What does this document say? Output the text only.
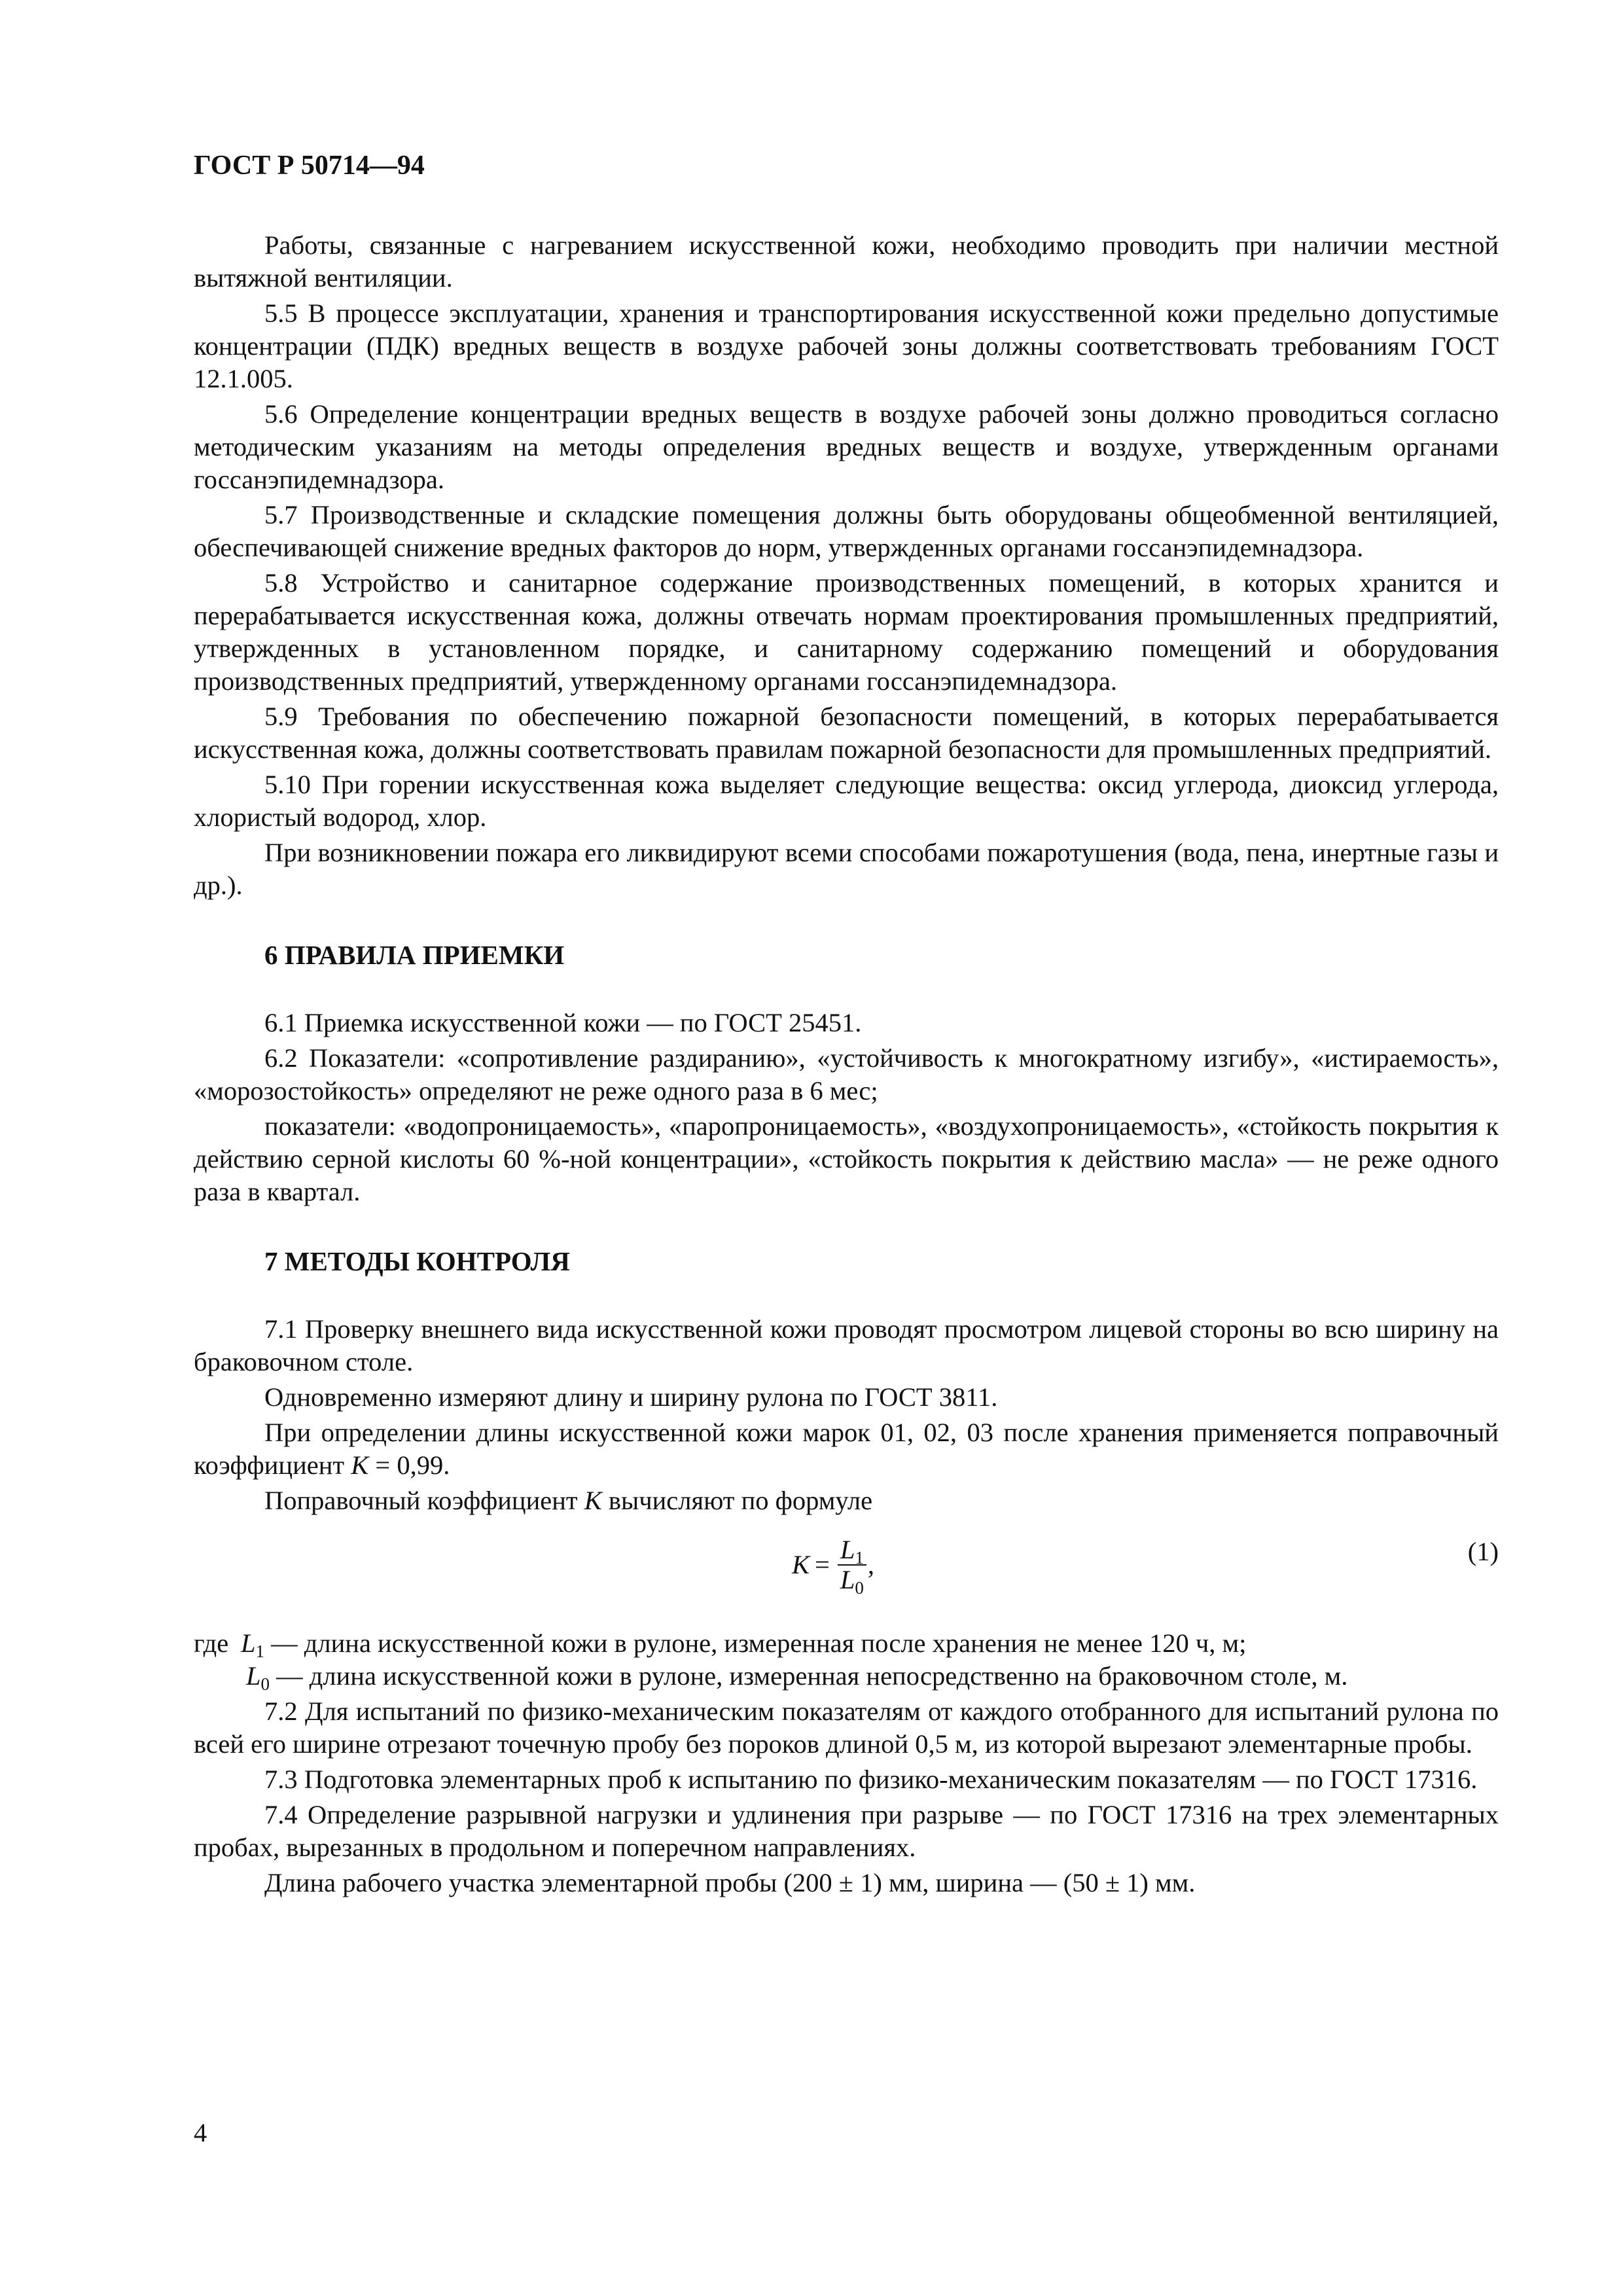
ГОСТ Р 50714—94

Работы, связанные с нагреванием искусственной кожи, необходимо проводить при наличии местной вытяжной вентиляции.

5.5 В процессе эксплуатации, хранения и транспортирования искусственной кожи предельно допустимые концентрации (ПДК) вредных веществ в воздухе рабочей зоны должны соответствовать требованиям ГОСТ 12.1.005.

5.6 Определение концентрации вредных веществ в воздухе рабочей зоны должно проводиться согласно методическим указаниям на методы определения вредных веществ и воздухе, утвержденным органами госсанэпидемнадзора.

5.7 Производственные и складские помещения должны быть оборудованы общеобменной вентиляцией, обеспечивающей снижение вредных факторов до норм, утвержденных органами госсанэпидемнадзора.

5.8 Устройство и санитарное содержание производственных помещений, в которых хранится и перерабатывается искусственная кожа, должны отвечать нормам проектирования промышленных предприятий, утвержденных в установленном порядке, и санитарному содержанию помещений и оборудования производственных предприятий, утвержденному органами госсанэпидемнадзора.

5.9 Требования по обеспечению пожарной безопасности помещений, в которых перерабатывается искусственная кожа, должны соответствовать правилам пожарной безопасности для промышленных предприятий.

5.10 При горении искусственная кожа выделяет следующие вещества: оксид углерода, диоксид углерода, хлористый водород, хлор.

При возникновении пожара его ликвидируют всеми способами пожаротушения (вода, пена, инертные газы и др.).

6 ПРАВИЛА ПРИЕМКИ

6.1 Приемка искусственной кожи — по ГОСТ 25451.

6.2 Показатели: «сопротивление раздиранию», «устойчивость к многократному изгибу», «истираемость», «морозостойкость» определяют не реже одного раза в 6 мес;

показатели: «водопроницаемость», «паропроницаемость», «воздухопроницаемость», «стойкость покрытия к действию серной кислоты 60 %-ной концентрации», «стойкость покрытия к действию масла» — не реже одного раза в квартал.

7 МЕТОДЫ КОНТРОЛЯ

7.1 Проверку внешнего вида искусственной кожи проводят просмотром лицевой стороны во всю ширину на браковочном столе.

Одновременно измеряют длину и ширину рулона по ГОСТ 3811.

При определении длины искусственной кожи марок 01, 02, 03 после хранения применяется поправочный коэффициент K = 0,99.

Поправочный коэффициент K вычисляют по формуле

$K = \frac{L_1}{L_0}$ ,	(1)

где $L_1$ — длина искусственной кожи в рулоне, измеренная после хранения не менее 120 ч, м;

$L_0$ — длина искусственной кожи в рулоне, измеренная непосредственно на браковочном столе, м.

7.2 Для испытаний по физико-механическим показателям от каждого отобранного для испытаний рулона по всей его ширине отрезают точечную пробу без пороков длиной 0,5 м, из которой вырезают элементарные пробы.

7.3 Подготовка элементарных проб к испытанию по физико-механическим показателям — по ГОСТ 17316.

7.4 Определение разрывной нагрузки и удлинения при разрыве — по ГОСТ 17316 на трех элементарных пробах, вырезанных в продольном и поперечном направлениях.

Длина рабочего участка элементарной пробы (200 ± 1) мм, ширина — (50 ± 1) мм.

4
